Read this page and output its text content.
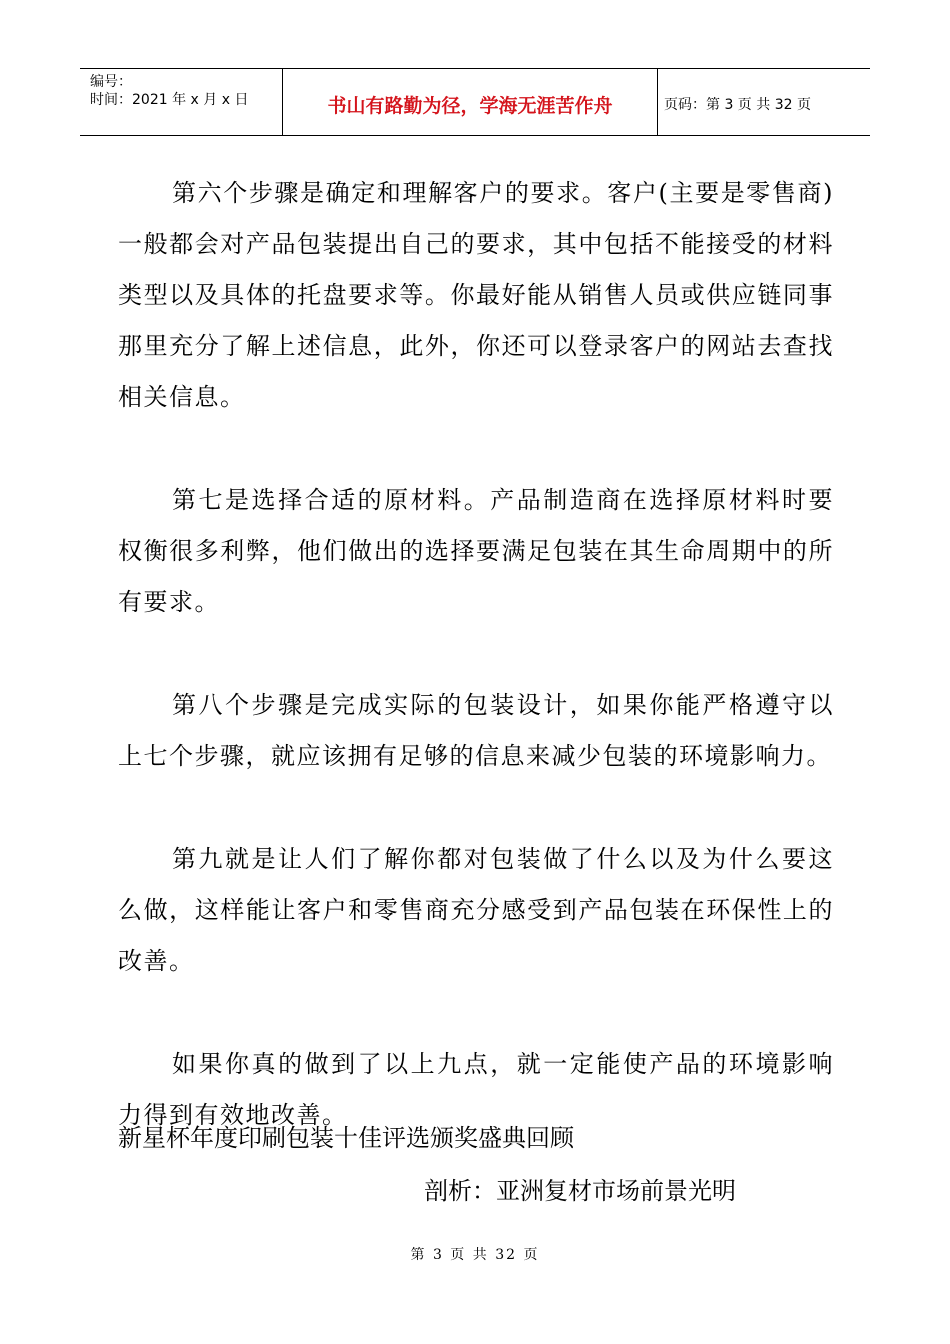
编号：
时间：2021 年 x 月 x 日	书山有路勤为径，学海无涯苦作舟	页码：第 3 页 共 32 页

第六个步骤是确定和理解客户的要求。客户(主要是零售商)一般都会对产品包装提出自己的要求，其中包括不能接受的材料类型以及具体的托盘要求等。你最好能从销售人员或供应链同事那里充分了解上述信息，此外，你还可以登录客户的网站去查找相关信息。

第七是选择合适的原材料。产品制造商在选择原材料时要权衡很多利弊，他们做出的选择要满足包装在其生命周期中的所有要求。

第八个步骤是完成实际的包装设计，如果你能严格遵守以上七个步骤，就应该拥有足够的信息来减少包装的环境影响力。

第九就是让人们了解你都对包装做了什么以及为什么要这么做，这样能让客户和零售商充分感受到产品包装在环保性上的改善。

如果你真的做到了以上九点，就一定能使产品的环境影响力得到有效地改善。

新星杯年度印刷包装十佳评选颁奖盛典回顾

剖析：亚洲复材市场前景光明

第 3 页 共 32 页
